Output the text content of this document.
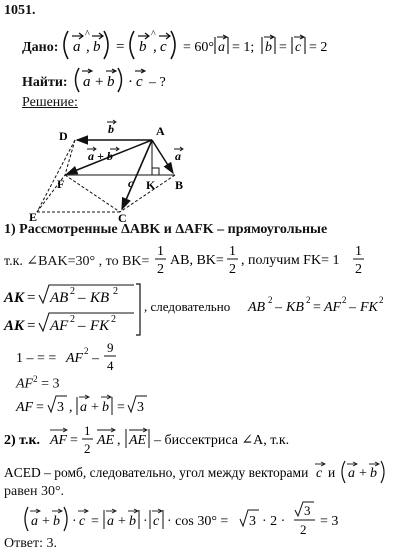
1051.
Дано: a
^
, b = b
^
, c = 60° a = 1; b = c = 2
Найти: a + b · c – ?
Решение:
D	A
F	K B
E	C
b
a
a + b
c
1) Рассмотренные ΔABK и ΔAFK – прямоугольные
т.к. ∠BAK=30° , то BK=
1
2
AB, BK=
1
2
, получим FK= 1
1
2
AK = AB 2 – KB 2
AK = AF 2 – FK 2
, следовательно AB 2 – KB 2 = AF 2 – FK 2
1 – = = AF 2 –
9
4
$AF^2 = 3$
AF = 3 , a + b = 3
2) т.к. AF =
1
2
AE , AE – биссектриса ∠A, т.к.
ACED – ромб, следовательно, угол между векторами c и a + b
равен 30°.
a + b · c = a + b · c · cos 30° = 3 · 2 ·
3
2
= 3
Ответ: 3.
